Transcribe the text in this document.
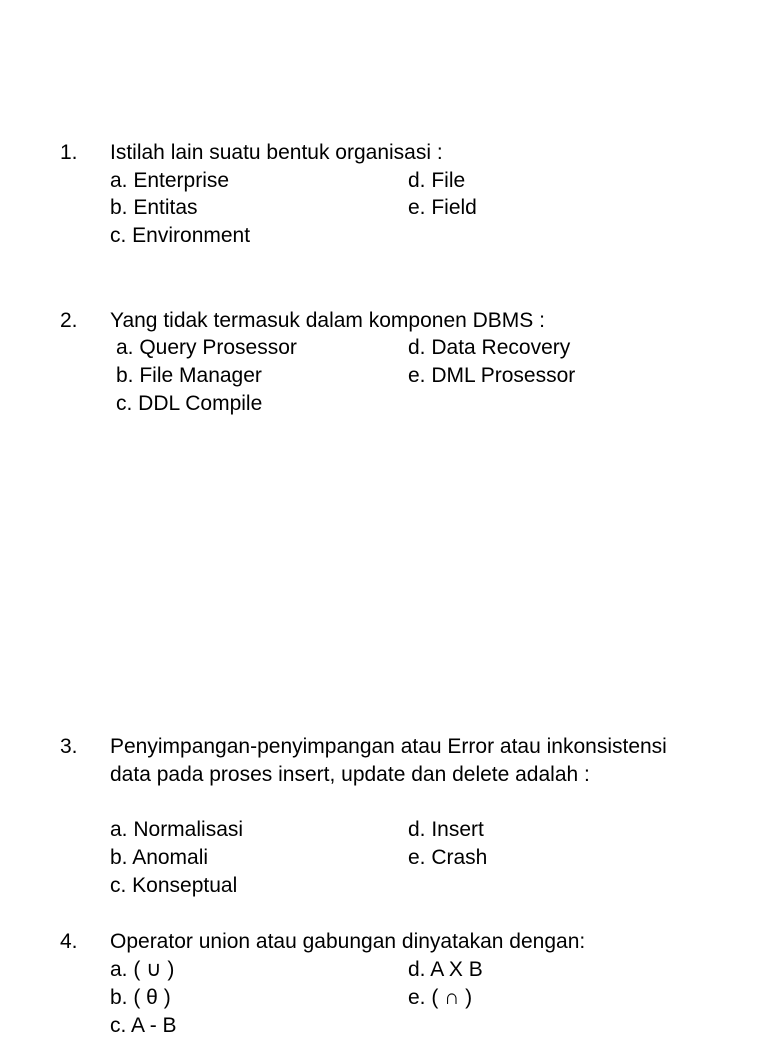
1. Istilah lain suatu bentuk organisasi :
a. Enterprise
b. Entitas
c. Environment
d. File
e. Field
2. Yang tidak termasuk dalam komponen DBMS :
a. Query Prosessor
b. File Manager
c. DDL Compile
d. Data Recovery
e. DML Prosessor
3. Penyimpangan-penyimpangan atau Error atau inkonsistensi data pada proses insert, update dan delete adalah :
a. Normalisasi
b. Anomali
c. Konseptual
d. Insert
e. Crash
4. Operator union atau gabungan dinyatakan dengan:
a. ( ∪ )
b. ( θ )
c. A - B
d. A X B
e. ( ∩ )
